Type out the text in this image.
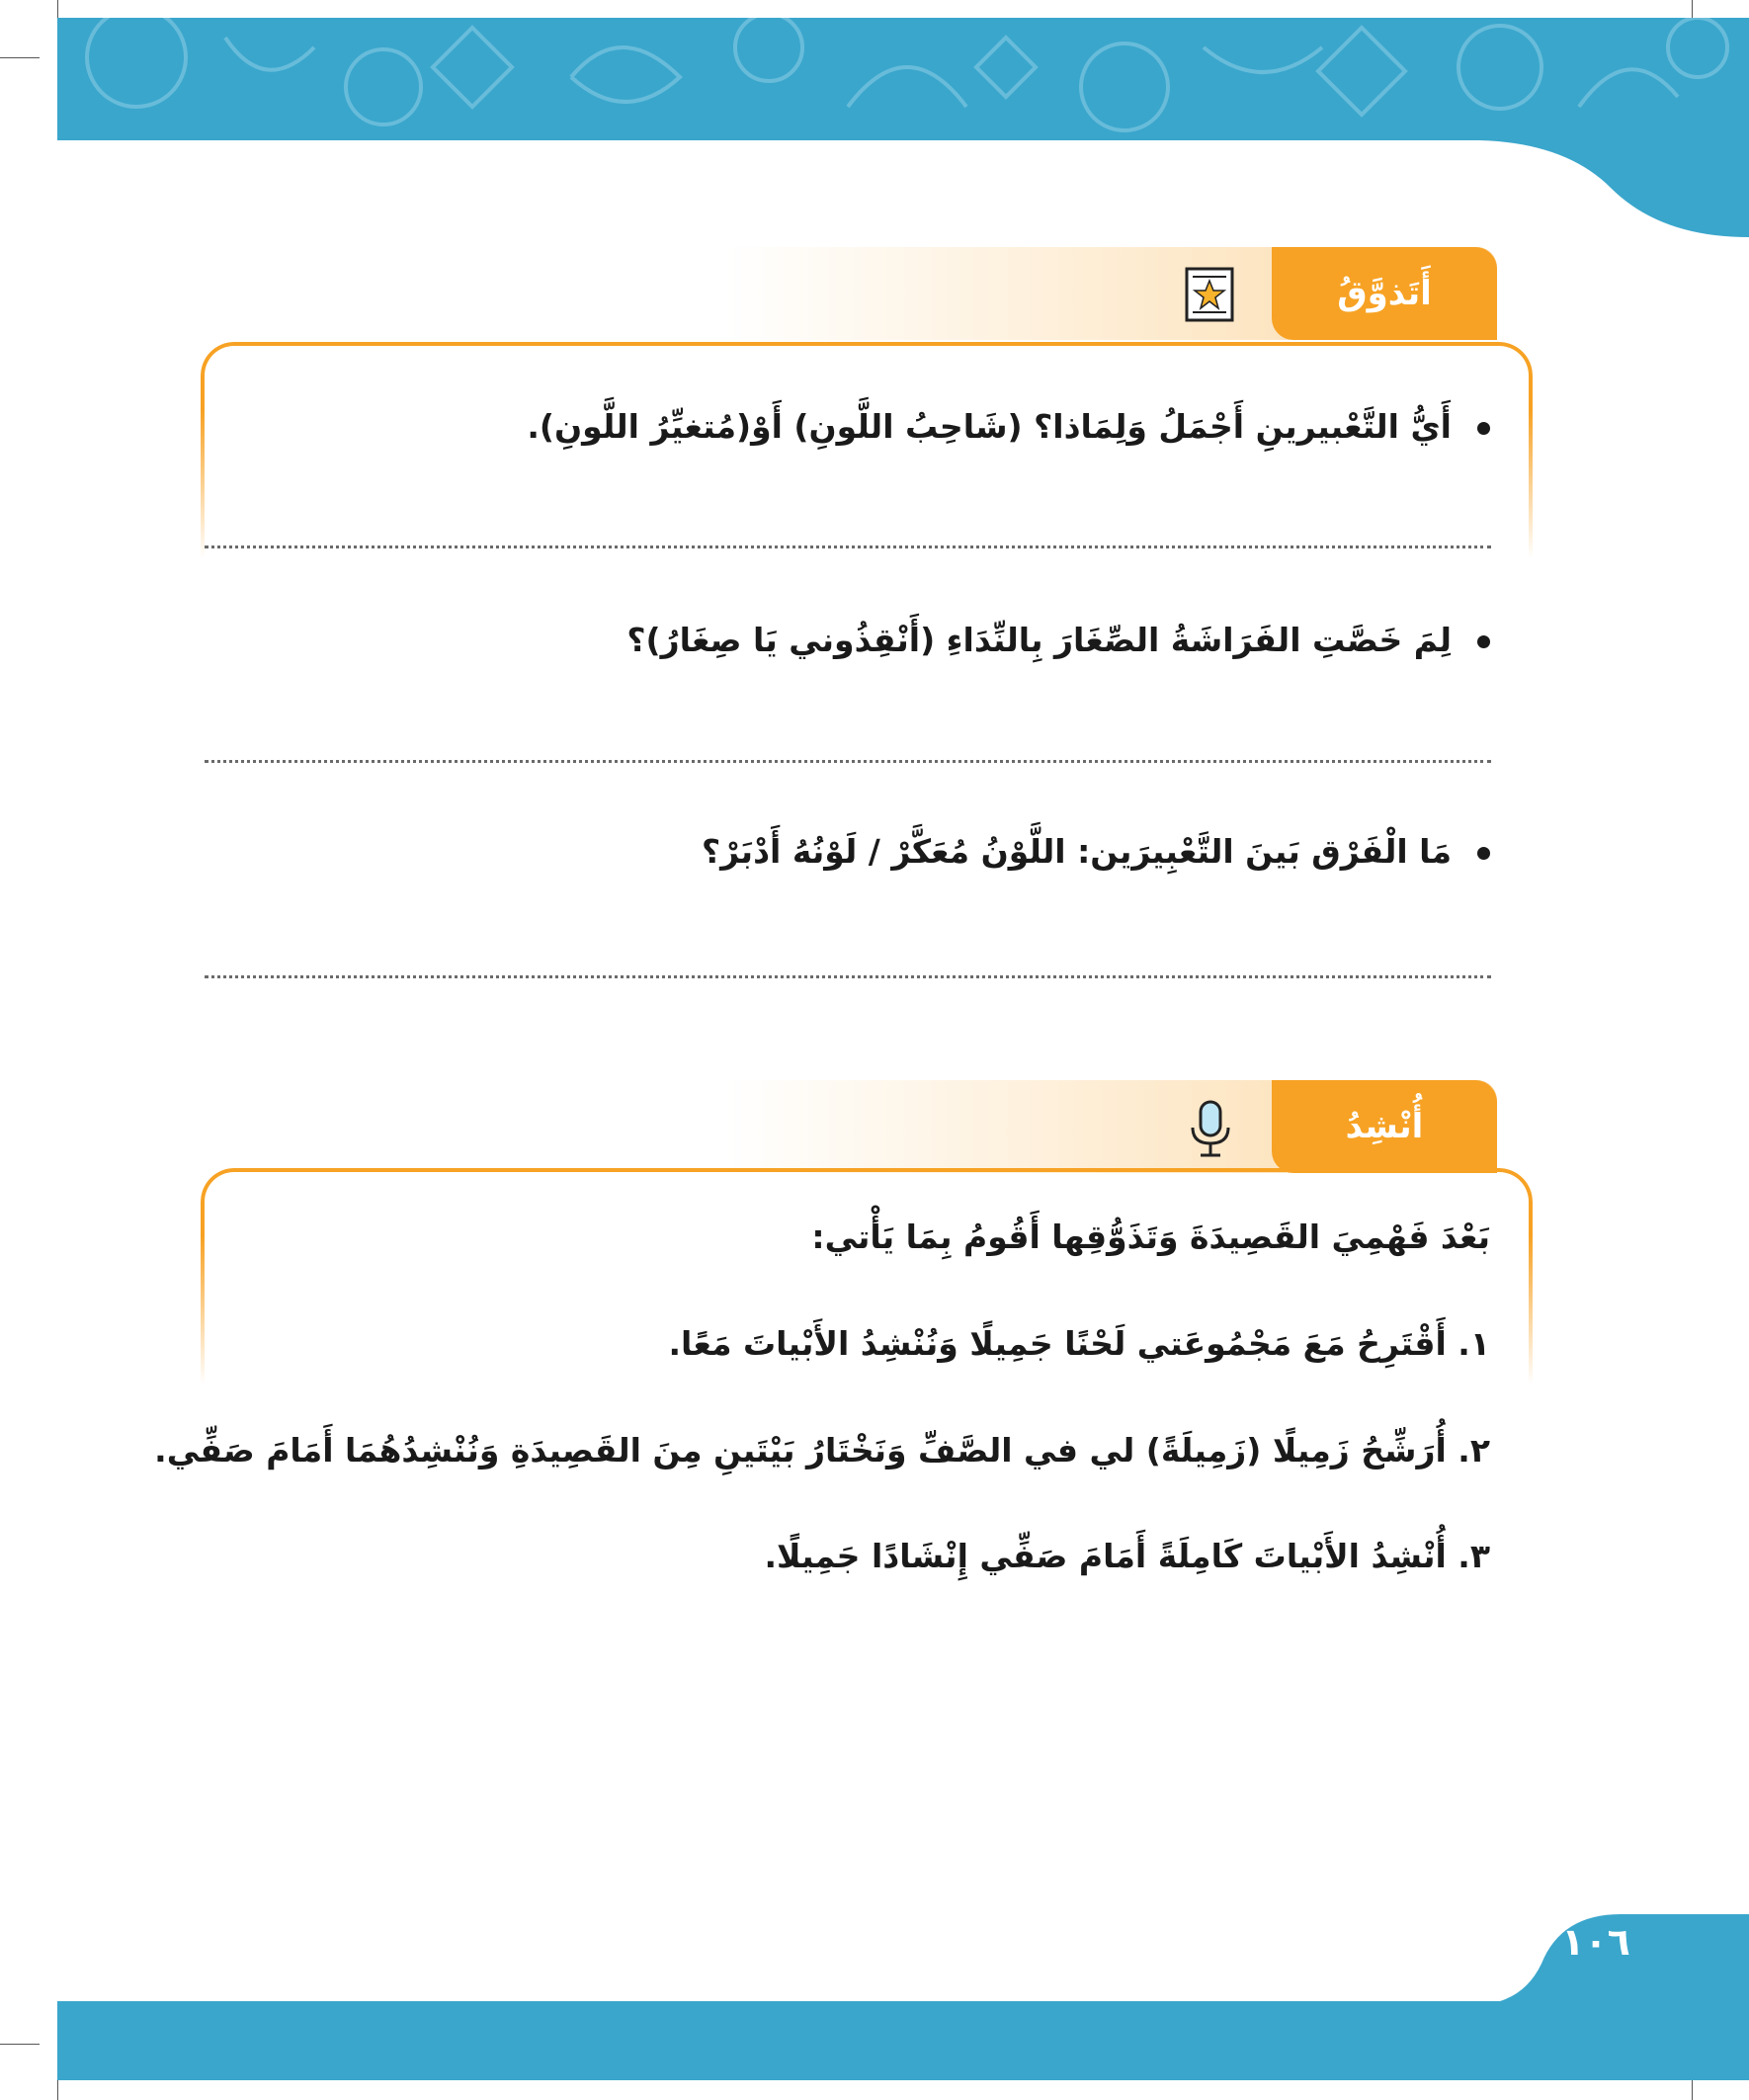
أَتَذوَّقُ
أَيُّ التَّعْبيرينِ أَجْمَلُ وَلِمَاذا؟ (شَاحِبُ اللَّونِ) أَوْ(مُتغيِّرُ اللَّونِ).
لِمَ خَصَّتِ الفَرَاشَةُ الصِّغَارَ بِالنِّدَاءِ (أَنْقِذُوني يَا صِغَارُ)؟
مَا الْفَرْق بَينَ التَّعْبِيرَين: اللَّوْنُ مُعَكَّرْ / لَوْنُهُ أَدْبَرْ؟
أُنْشِدُ
بَعْدَ فَهْمِيَ القَصِيدَةَ وَتَذَوُّقِها أَقُومُ بِمَا يَأْتي:
١. أَقْتَرِحُ مَعَ مَجْمُوعَتي لَحْنًا جَمِيلًا وَنُنْشِدُ الأَبْياتَ مَعًا.
٢. أُرَشِّحُ زَمِيلًا (زَمِيلَةً) لي في الصَّفِّ وَنَخْتَارُ بَيْتَينِ مِنَ القَصِيدَةِ وَنُنْشِدُهُمَا أَمَامَ صَفِّي.
٣. أُنْشِدُ الأَبْياتَ كَامِلَةً أَمَامَ صَفِّي إِنْشَادًا جَمِيلًا.
١٠٦
